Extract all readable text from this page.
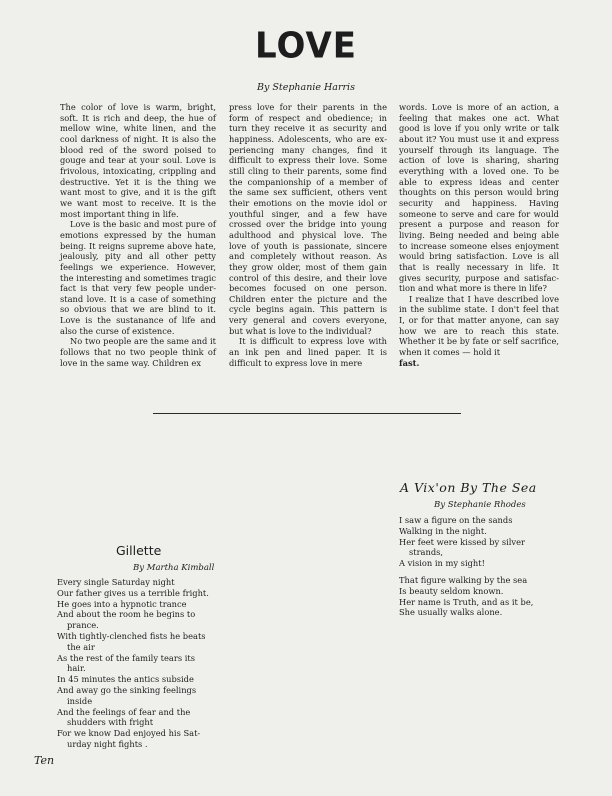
LOVE
By Stephanie Harris

The color of love is warm, bright, soft. It is rich and deep, the hue of mellow wine, white linen, and the cool darkness of night. It is also the blood red of the sword poised to gouge and tear at your soul. Love is frivolous, intoxicating, crippling and destructive. Yet it is the thing we want most to give, and it is the gift we want most to receive. It is the most important thing in life.

Love is the basic and most pure of emotions expressed by the human being. It reigns supreme above hate, jealously, pity and all other petty feelings we experience. However, the interesting and sometimes tragic fact is that very few people understand love. It is a case of something so obvious that we are blind to it. Love is the sustanance of life and also the curse of existence.

No two people are the same and it follows that no two people think of love in the same way. Children ex

press love for their parents in the form of respect and obedience; in turn they receive it as security and happiness. Adolescents, who are experiencing many changes, find it difficult to express their love. Some still cling to their parents, some find the companionship of a member of the same sex sufficient, others vent their emotions on the movie idol or youthful singer, and a few have crossed over the bridge into young adulthood and physical love. The love of youth is passionate, sincere and completely without reason. As they grow older, most of them gain control of this desire, and their love becomes focused on one person. Children enter the picture and the cycle begins again. This pattern is very general and covers everyone, but what is love to the individual?

It is difficult to express love with an ink pen and lined paper. It is difficult to express love in mere

words. Love is more of an action, a feeling that makes one act. What good is love if you only write or talk about it? You must use it and express yourself through its language. The action of love is sharing, sharing everything with a loved one. To be able to express ideas and center thoughts on this person would bring security and happiness. Having someone to serve and care for would present a purpose and reason for living. Being needed and being able to increase someone elses enjoyment would bring satisfaction. Love is all that is really necessary in life. It gives security, purpose and satisfaction and what more is there in life?

I realize that I have described love in the sublime state. I don't feel that I, or for that matter anyone, can say how we are to reach this state. Whether it be by fate or self sacrifice, when it comes — hold it

fast.

A Vix'on By The Sea
By Stephanie Rhodes
I saw a figure on the sands
Walking in the night.
Her feet were kissed by silver
strands,
A vision in my sight!
That figure walking by the sea
Is beauty seldom known.
Her name is Truth, and as it be,
She usually walks alone.
Gillette
By Martha Kimball
Every single Saturday night
Our father gives us a terrible fright.
He goes into a hypnotic trance
And about the room he begins to
prance.
With tightly-clenched fists he beats
the air
As the rest of the family tears its
hair.
In 45 minutes the antics subside
And away go the sinking feelings
inside
And the feelings of fear and the
shudders with fright
For we know Dad enjoyed his Sat-
urday night fights .
Ten
